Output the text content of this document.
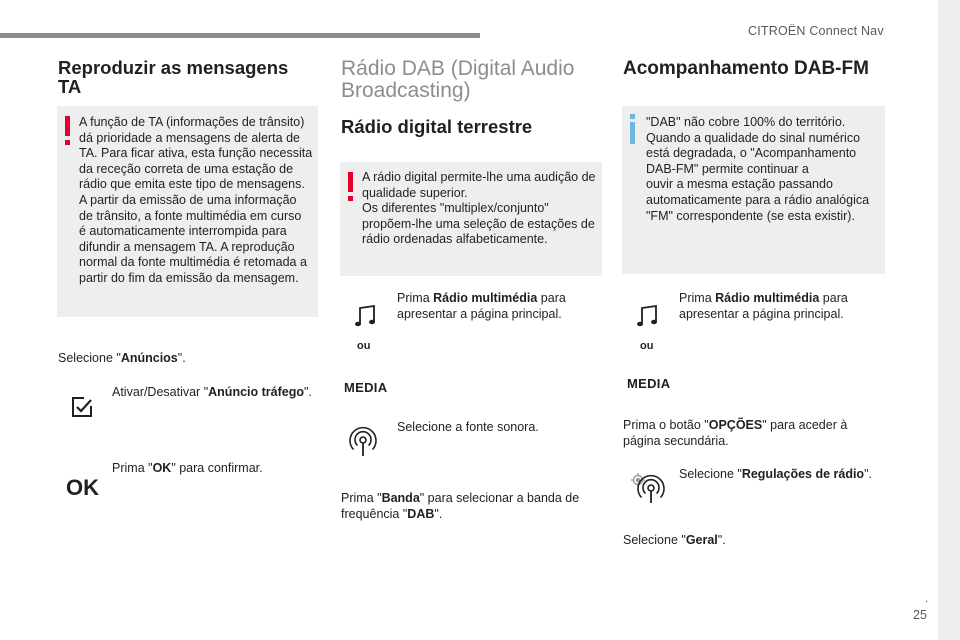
CITROËN Connect Nav
.
25
Reproduzir as mensagens TA

A função de TA (informações de trânsito)
dá prioridade a mensagens de alerta de
TA. Para ficar ativa, esta função necessita
da receção correta de uma estação de
rádio que emita este tipo de mensagens.
A partir da emissão de uma informação
de trânsito, a fonte multimédia em curso
é automaticamente interrompida para
difundir a mensagem TA. A reprodução
normal da fonte multimédia é retomada a
partir do fim da emissão da mensagem.

Selecione "Anúncios".
Ativar/Desativar "Anúncio tráfego".
OK
Prima "OK" para confirmar.
Rádio DAB (Digital Audio
Broadcasting)
Rádio digital terrestre

A rádio digital permite-lhe uma audição de
qualidade superior.
Os diferentes "multiplex/conjunto"
propõem-lhe uma seleção de estações de
rádio ordenadas alfabeticamente.

ou
MEDIA
Prima Rádio multimédia para
apresentar a página principal.
Selecione a fonte sonora.
Prima "Banda" para selecionar a banda de
frequência "DAB".
Acompanhamento DAB-FM

"DAB" não cobre 100% do território.
Quando a qualidade do sinal numérico
está degradada, o "Acompanhamento
DAB-FM" permite continuar a
ouvir a mesma estação passando
automaticamente para a rádio analógica
"FM" correspondente (se esta existir).

ou
MEDIA
Prima Rádio multimédia para
apresentar a página principal.
Prima o botão "OPÇÕES" para aceder à
página secundária.
Selecione "Regulações de rádio".
Selecione "Geral".
